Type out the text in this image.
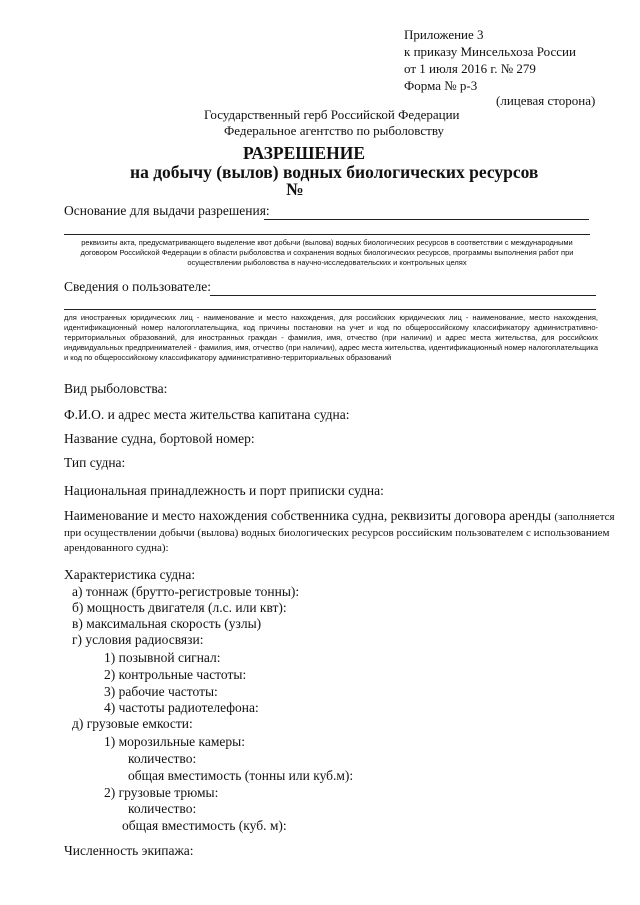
Приложение 3
к приказу Минсельхоза России
от 1 июля 2016 г. № 279
Форма № р-3
(лицевая сторона)
Государственный герб Российской Федерации
Федеральное агентство по рыболовству
РАЗРЕШЕНИЕ
на добычу (вылов) водных биологических ресурсов
№
Основание для выдачи разрешения:
реквизиты акта, предусматривающего выделение квот добычи (вылова) водных биологических ресурсов в соответствии с международными договором Российской Федерации в области рыболовства и сохранения водных биологических ресурсов, программы выполнения работ при осуществлении рыболовства в научно-исследовательских и контрольных целях
Сведения о пользователе:
для иностранных юридических лиц - наименование и место нахождения, для российских юридических лиц - наименование, место нахождения, идентификационный номер налогоплательщика, код причины постановки на учет и код по общероссийскому классификатору административно-территориальных образований, для иностранных граждан - фамилия, имя, отчество (при наличии) и адрес места жительства, для российских индивидуальных предпринимателей - фамилия, имя, отчество (при наличии), адрес места жительства, идентификационный номер налогоплательщика и код по общероссийскому классификатору административно-территориальных образований
Вид рыболовства:
Ф.И.О. и адрес места жительства капитана судна:
Название судна, бортовой номер:
Тип судна:
Национальная принадлежность и порт приписки судна:
Наименование и место нахождения собственника судна, реквизиты договора аренды (заполняется
при осуществлении добычи (вылова) водных биологических ресурсов российским пользователем с использованием
арендованного судна):
Характеристика судна:
а) тоннаж (брутто-регистровые тонны):
б) мощность двигателя (л.с. или квт):
в) максимальная скорость (узлы)
г) условия радиосвязи:
1) позывной сигнал:
2) контрольные частоты:
3) рабочие частоты:
4) частоты радиотелефона:
д) грузовые емкости:
1) морозильные камеры:
количество:
общая вместимость (тонны или куб.м):
2) грузовые трюмы:
количество:
общая вместимость (куб. м):
Численность экипажа:
